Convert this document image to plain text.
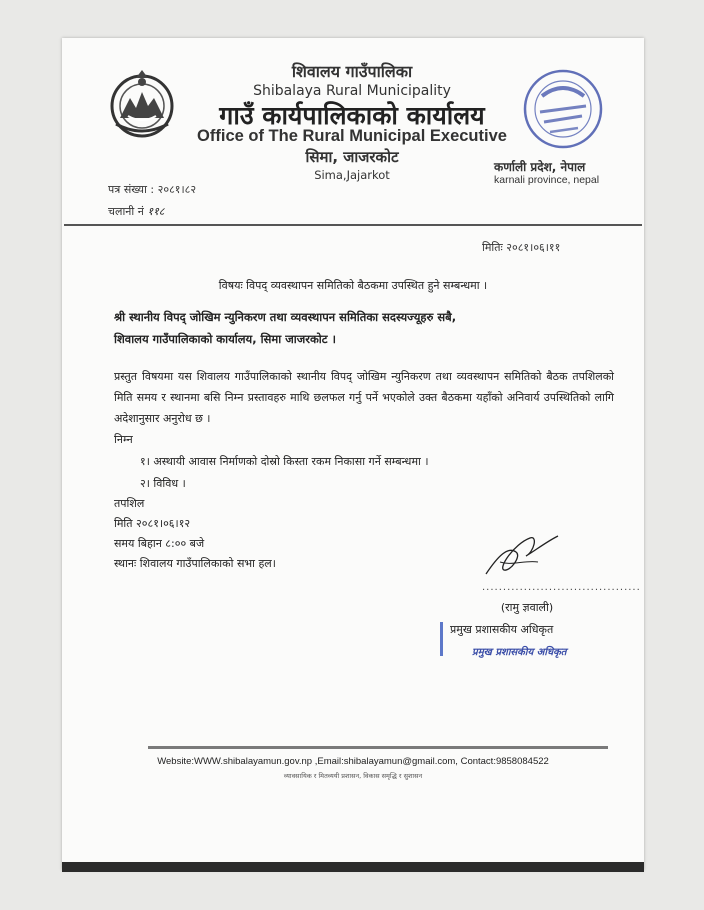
शिवालय गाउँपालिका
Shibalaya Rural Municipality
गाउँ कार्यपालिकाको कार्यालय
Office of The Rural Municipal Executive
सिमा, जाजरकोट
Sima,Jajarkot
कर्णाली प्रदेश, नेपाल
karnali province, nepal
पत्र संख्या : २०८१।८२
चलानी नं ११८
मितिः २०८१।०६।११
विषयः विपद् व्यवस्थापन समितिको बैठकमा उपस्थित हुने सम्बन्धमा ।
श्री स्थानीय विपद् जोखिम न्युनिकरण तथा व्यवस्थापन समितिका सदस्यज्यूहरु सबै,
शिवालय गाउँपालिकाको कार्यालय, सिमा जाजरकोट ।
प्रस्तुत विषयमा यस शिवालय गाउँपालिकाको स्थानीय विपद् जोखिम न्युनिकरण तथा व्यवस्थापन समितिको बैठक तपशिलको मिति समय र स्थानमा बसि निम्न प्रस्तावहरु माथि छलफल गर्नु पर्ने भएकोले उक्त बैठकमा यहाँको अनिवार्य उपस्थितिको लागि अदेशानुसार अनुरोध छ ।
निम्न
१। अस्थायी आवास निर्माणको दोस्रो किस्ता रकम निकासा गर्ने सम्बन्धमा ।
२। विविध ।
तपशिल
मिति २०८१।०६।१२
समय बिहान ८:०० बजे
स्थानः शिवालय गाउँपालिकाको सभा हल।
......................................
(रामु ज्ञवाली)
प्रमुख प्रशासकीय अधिकृत
प्रमुख प्रशासकीय अधिकृत
Website:WWW.shibalayamun.gov.np ,Email:shibalayamun@gmail.com, Contact:9858084522
व्यावसायिक र मितव्ययी प्रशासन, विकास समृद्धि र सुशासन
